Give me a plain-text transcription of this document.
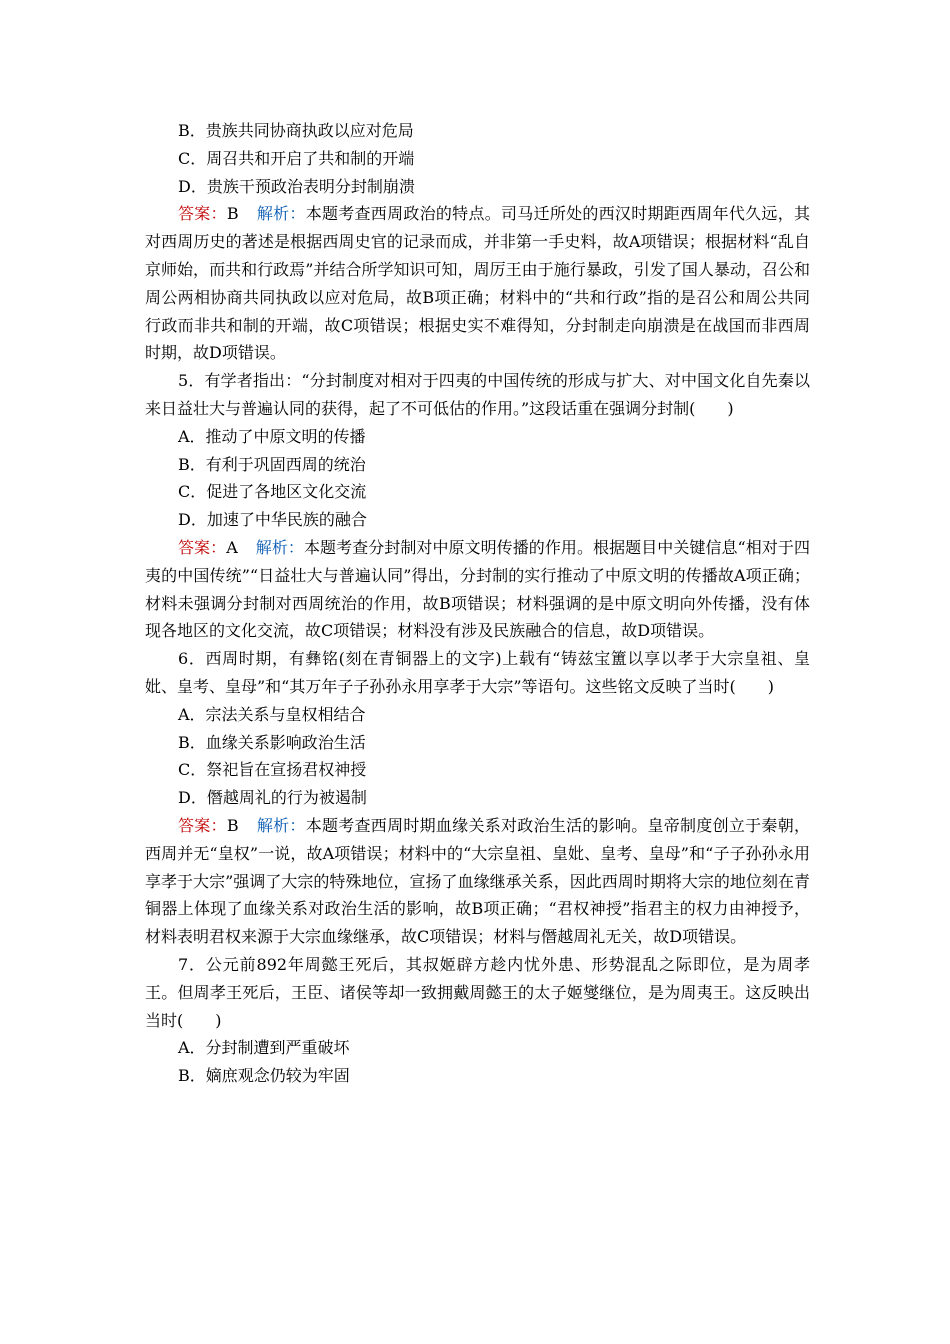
B．贵族共同协商执政以应对危局
C．周召共和开启了共和制的开端
D．贵族干预政治表明分封制崩溃
答案：B 解析：本题考查西周政治的特点。司马迁所处的西汉时期距西周年代久远，其对西周历史的著述是根据西周史官的记录而成，并非第一手史料，故A项错误；根据材料“乱自京师始，而共和行政焉”并结合所学知识可知，周厉王由于施行暴政，引发了国人暴动，召公和周公两相协商共同执政以应对危局，故B项正确；材料中的“共和行政”指的是召公和周公共同行政而非共和制的开端，故C项错误；根据史实不难得知，分封制走向崩溃是在战国而非西周时期，故D项错误。
5．有学者指出：“分封制度对相对于四夷的中国传统的形成与扩大、对中国文化自先秦以来日益壮大与普遍认同的获得，起了不可低估的作用。”这段话重在强调分封制(　　)
A．推动了中原文明的传播
B．有利于巩固西周的统治
C．促进了各地区文化交流
D．加速了中华民族的融合
答案：A 解析：本题考查分封制对中原文明传播的作用。根据题目中关键信息“相对于四夷的中国传统”“日益壮大与普遍认同”得出，分封制的实行推动了中原文明的传播故A项正确；材料未强调分封制对西周统治的作用，故B项错误；材料强调的是中原文明向外传播，没有体现各地区的文化交流，故C项错误；材料没有涉及民族融合的信息，故D项错误。
6．西周时期，有彝铭(刻在青铜器上的文字)上载有“铸兹宝簠以享以孝于大宗皇祖、皇妣、皇考、皇母”和“其万年子子孙孙永用享孝于大宗”等语句。这些铭文反映了当时(　　)
A．宗法关系与皇权相结合
B．血缘关系影响政治生活
C．祭祀旨在宣扬君权神授
D．僭越周礼的行为被遏制
答案：B 解析：本题考查西周时期血缘关系对政治生活的影响。皇帝制度创立于秦朝，西周并无“皇权”一说，故A项错误；材料中的“大宗皇祖、皇妣、皇考、皇母”和“子子孙孙永用享孝于大宗”强调了大宗的特殊地位，宣扬了血缘继承关系，因此西周时期将大宗的地位刻在青铜器上体现了血缘关系对政治生活的影响，故B项正确；“君权神授”指君主的权力由神授予，材料表明君权来源于大宗血缘继承，故C项错误；材料与僭越周礼无关，故D项错误。
7．公元前892年周懿王死后，其叔姬辟方趁内忧外患、形势混乱之际即位，是为周孝王。但周孝王死后，王臣、诸侯等却一致拥戴周懿王的太子姬燮继位，是为周夷王。这反映出当时(　　)
A．分封制遭到严重破坏
B．嫡庶观念仍较为牢固
